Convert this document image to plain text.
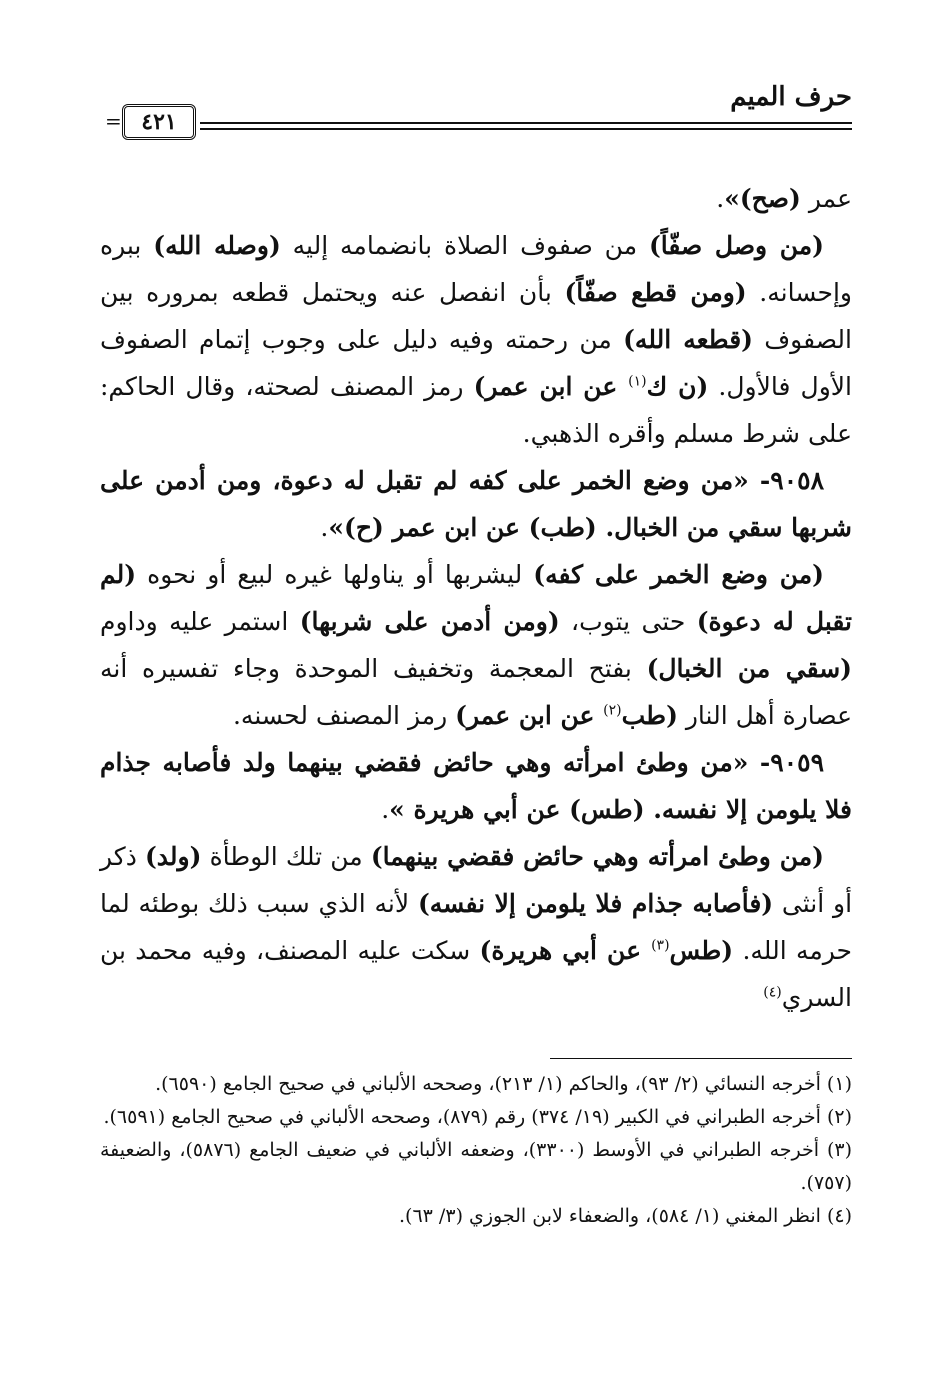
حرف الميم
٤٢١
=

عمر (صح)».

(من وصل صفّاً) من صفوف الصلاة بانضمامه إليه (وصله الله) ببره وإحسانه. (ومن قطع صفّاً) بأن انفصل عنه ويحتمل قطعه بمروره بين الصفوف (قطعه الله) من رحمته وفيه دليل على وجوب إتمام الصفوف الأول فالأول. (ن ك$^{(١)}$ عن ابن عمر) رمز المصنف لصحته، وقال الحاكم: على شرط مسلم وأقره الذهبي.

٩٠٥٨- «من وضع الخمر على كفه لم تقبل له دعوة، ومن أدمن على شربها سقي من الخبال. (طب) عن ابن عمر (ح)».

(من وضع الخمر على كفه) ليشربها أو يناولها غيره لبيع أو نحوه (لم تقبل له دعوة) حتى يتوب، (ومن أدمن على شربها) استمر عليه وداوم (سقي من الخبال) بفتح المعجمة وتخفيف الموحدة وجاء تفسيره أنه عصارة أهل النار (طب$^{(٢)}$ عن ابن عمر) رمز المصنف لحسنه.

٩٠٥٩- «من وطئ امرأته وهي حائض فقضي بينهما ولد فأصابه جذام فلا يلومن إلا نفسه. (طس) عن أبي هريرة ».

(من وطئ امرأته وهي حائض فقضي بينهما) من تلك الوطأة (ولد) ذكر أو أنثى (فأصابه جذام فلا يلومن إلا نفسه) لأنه الذي سبب ذلك بوطئه لما حرمه الله. (طس$^{(٣)}$ عن أبي هريرة) سكت عليه المصنف، وفيه محمد بن السري$^{(٤)}$

(١) أخرجه النسائي (٢/ ٩٣)، والحاكم (١/ ٢١٣)، وصححه الألباني في صحيح الجامع (٦٥٩٠).

(٢) أخرجه الطبراني في الكبير (١٩/ ٣٧٤) رقم (٨٧٩)، وصححه الألباني في صحيح الجامع (٦٥٩١).

(٣) أخرجه الطبراني في الأوسط (٣٣٠٠)، وضعفه الألباني في ضعيف الجامع (٥٨٧٦)، والضعيفة (٧٥٧).

(٤) انظر المغني (١/ ٥٨٤)، والضعفاء لابن الجوزي (٣/ ٦٣).
